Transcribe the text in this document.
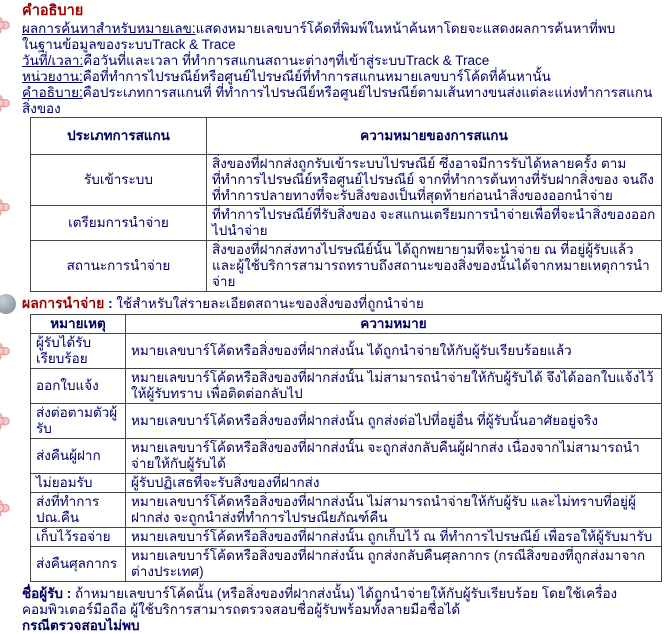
คำอธิบาย
ผลการค้นหาสำหรับหมายเลข:แสดงหมายเลขบาร์โค้ดที่พิมพ์ในหน้าค้นหาโดยจะแสดงผลการค้นหาที่พบ
ในฐานข้อมูลของระบบTrack & Trace
วันที่/เวลา:คือวันที่และเวลา ที่ทำการสแกนสถานะต่างๆที่เข้าสู่ระบบTrack & Trace
หน่วยงาน:คือที่ทำการไปรษณีย์หรือศูนย์ไปรษณีย์ที่ทำการสแกนหมายเลขบาร์โค้ดที่ค้นหานั้น
คำอธิบาย:คือประเภทการสแกนที่ ที่ทำการไปรษณีย์หรือศูนย์ไปรษณีย์ตามเส้นทางขนส่งแต่ละแห่งทำการสแกนสิ่งของ
ประเภทการสแกน	ความหมายของการสแกน
รับเข้าระบบ	สิ่งของที่ฝากส่งถูกรับเข้าระบบไปรษณีย์ ซึ่งอาจมีการรับได้หลายครั้ง ตามที่ทำการไปรษณีย์หรือศูนย์ไปรษณีย์ จากที่ทำการต้นทางที่รับฝากสิ่งของ จนถึงที่ทำการปลายทางที่จะรับสิ่งของเป็นที่สุดท้ายก่อนนำสิ่งของออกนำจ่าย
เตรียมการนำจ่าย	ที่ทำการไปรษณีย์ที่รับสิ่งของ จะสแกนเตรียมการนำจ่ายเพื่อที่จะนำสิ่งของออกไปนำจ่าย
สถานะการนำจ่าย	สิ่งของที่ฝากส่งทางไปรษณีย์นั้น ได้ถูกพยายามที่จะนำจ่าย ณ ที่อยู่ผู้รับแล้ว และผู้ใช้บริการสามารถทราบถึงสถานะของสิ่งของนั้นได้จากหมายเหตุการนำจ่าย
ผลการนำจ่าย : ใช้สำหรับใส่รายละเอียดสถานะของสิ่งของที่ถูกนำจ่าย
หมายเหตุ	ความหมาย
ผู้รับได้รับเรียบร้อย	หมายเลขบาร์โค้ดหรือสิ่งของที่ฝากส่งนั้น ได้ถูกนำจ่ายให้กับผู้รับเรียบร้อยแล้ว
ออกใบแจ้ง	หมายเลขบาร์โค้ดหรือสิ่งของที่ฝากส่งนั้น ไม่สามารถนำจ่ายให้กับผู้รับได้ จึงได้ออกใบแจ้งไว้ให้ผู้รับทราบ เพื่อติดต่อกลับไป
ส่งต่อตามตัวผู้รับ	หมายเลขบาร์โค้ดหรือสิ่งของที่ฝากส่งนั้น ถูกส่งต่อไปที่อยู่อื่น ที่ผู้รับนั้นอาศัยอยู่จริง
ส่งคืนผู้ฝาก	หมายเลขบาร์โค้ดหรือสิ่งของที่ฝากส่งนั้น จะถูกส่งกลับคืนผู้ฝากส่ง เนื่องจากไม่สามารถนำจ่ายให้กับผู้รับได้
ไม่ยอมรับ	ผู้รับปฏิเสธที่จะรับสิ่งของที่ฝากส่ง
ส่งที่ทำการ ปณ.คืน	หมายเลขบาร์โค้ดหรือสิ่งของที่ฝากส่งนั้น ไม่สามารถนำจ่ายให้กับผู้รับ และไม่ทราบที่อยู่ผู้ฝากส่ง จะถูกนำส่งที่ทำการไปรษณียภัณฑ์คืน
เก็บไว้รอจ่าย	หมายเลขบาร์โค้ดหรือสิ่งของที่ฝากส่งนั้น ถูกเก็บไว้ ณ ที่ทำการไปรษณีย์ เพื่อรอให้ผู้รับมารับ
ส่งคืนศุลกากร	หมายเลขบาร์โค้ดหรือสิ่งของที่ฝากส่งนั้น ถูกส่งกลับคืนศุลกากร (กรณีสิ่งของที่ถูกส่งมาจากต่างประเทศ)
ชื่อผู้รับ : ถ้าหมายเลขบาร์โค้ดนั้น (หรือสิ่งของที่ฝากส่งนั้น) ได้ถูกนำจ่ายให้กับผู้รับเรียบร้อย โดยใช้เครื่องคอมพิวเตอร์มือถือ ผู้ใช้บริการสามารถตรวจสอบชื่อผู้รับพร้อมทั้งลายมือชื่อได้
กรณีตรวจสอบไม่พบ
